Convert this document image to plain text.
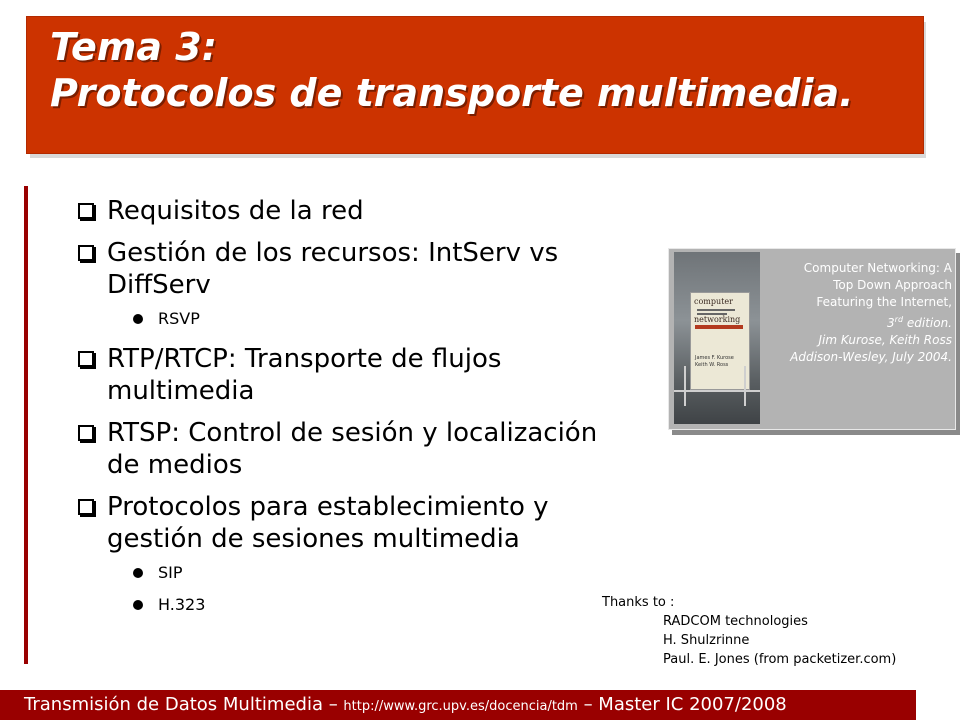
Tema 3:
Protocolos de transporte multimedia.
Requisitos de la red
Gestión de los recursos: IntServ vs
DiffServ
RSVP
RTP/RTCP: Transporte de flujos
multimedia
RTSP: Control de sesión y localización
de medios
Protocolos para establecimiento y
gestión de sesiones multimedia
SIP
H.323
computer
networking
James F. Kurose
Keith W. Ross
Computer Networking: A
Top Down Approach
Featuring the Internet,
3rd edition.
Jim Kurose, Keith Ross
Addison-Wesley, July 2004.
Thanks to :
RADCOM technologies
H. Shulzrinne
Paul. E. Jones (from packetizer.com)
Transmisión de Datos Multimedia – http://www.grc.upv.es/docencia/tdm – Master IC 2007/2008
